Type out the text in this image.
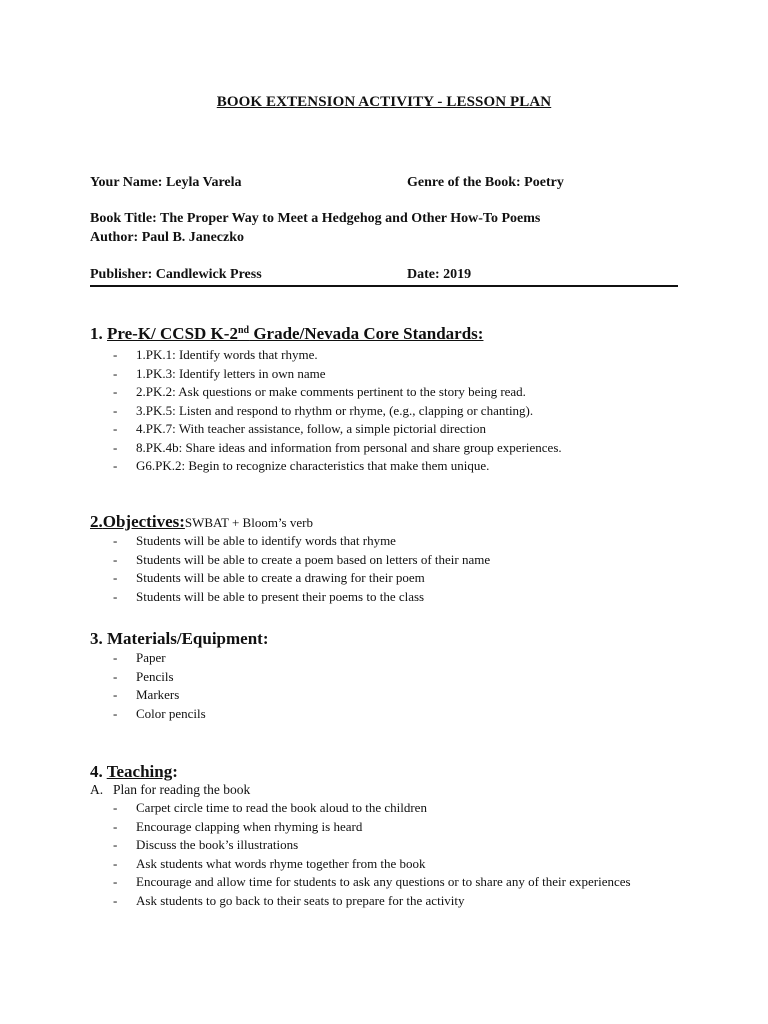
BOOK EXTENSION ACTIVITY - LESSON PLAN
Your Name: Leyla Varela	Genre of the Book: Poetry
Book Title: The Proper Way to Meet a Hedgehog and Other How-To Poems
Author: Paul B. Janeczko
Publisher: Candlewick Press	Date: 2019
1. Pre-K/ CCSD K-2nd Grade/Nevada Core Standards:
- 1.PK.1: Identify words that rhyme.
- 1.PK.3: Identify letters in own name
- 2.PK.2: Ask questions or make comments pertinent to the story being read.
- 3.PK.5: Listen and respond to rhythm or rhyme, (e.g., clapping or chanting).
- 4.PK.7: With teacher assistance, follow, a simple pictorial direction
- 8.PK.4b: Share ideas and information from personal and share group experiences.
- G6.PK.2: Begin to recognize characteristics that make them unique.
2.Objectives:SWBAT + Bloom’s verb
- Students will be able to identify words that rhyme
- Students will be able to create a poem based on letters of their name
- Students will be able to create a drawing for their poem
- Students will be able to present their poems to the class
3. Materials/Equipment:
- Paper
- Pencils
- Markers
- Color pencils
4. Teaching:
A. Plan for reading the book
- Carpet circle time to read the book aloud to the children
- Encourage clapping when rhyming is heard
- Discuss the book’s illustrations
- Ask students what words rhyme together from the book
- Encourage and allow time for students to ask any questions or to share any of their experiences
- Ask students to go back to their seats to prepare for the activity
